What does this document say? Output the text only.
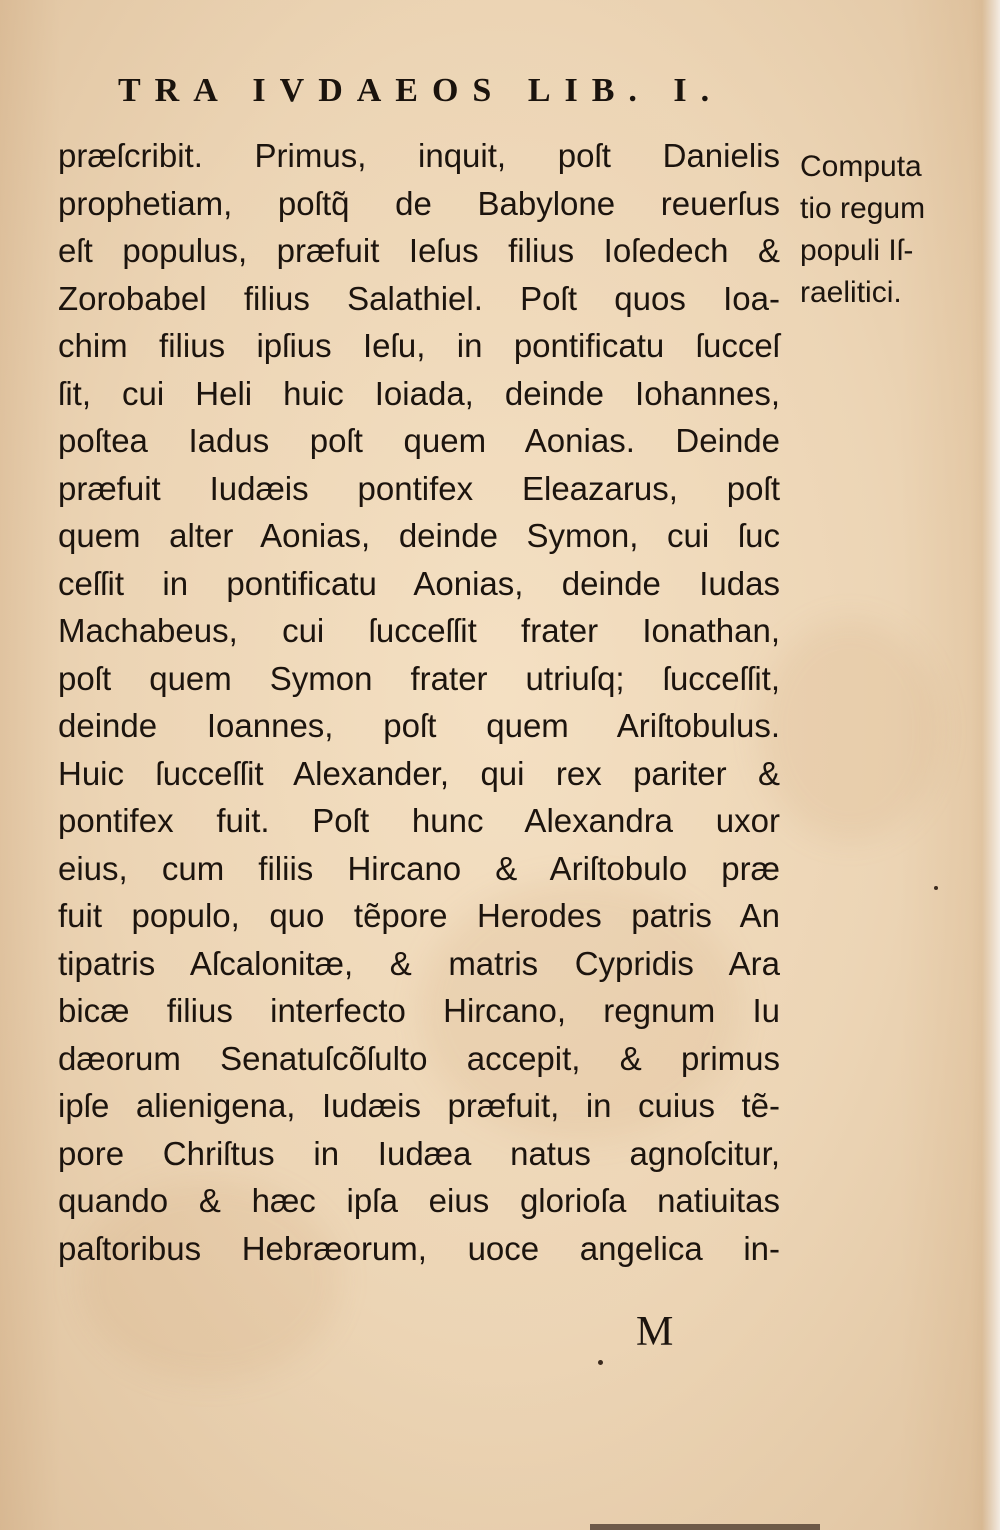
TRA IVDAEOS LIB. I.
præſcribit. Primus, inquit, poſt Danielis
prophetiam, poſtq̃ de Babylone reuerſus
eſt populus, præfuit Ieſus filius Ioſedech &
Zorobabel filius Salathiel. Poſt quos Ioa-
chim filius ipſius Ieſu, in pontificatu ſucceſ
ſit, cui Heli huic Ioiada, deinde Iohannes,
poſtea Iadus poſt quem Aonias. Deinde
præfuit Iudæis pontifex Eleazarus, poſt
quem alter Aonias, deinde Symon, cui ſuc
ceſſit in pontificatu Aonias, deinde Iudas
Machabeus, cui ſucceſſit frater Ionathan,
poſt quem Symon frater utriuſq; ſucceſſit,
deinde Ioannes, poſt quem Ariſtobulus.
Huic ſucceſſit Alexander, qui rex pariter &
pontifex fuit. Poſt hunc Alexandra uxor
eius, cum filiis Hircano & Ariſtobulo præ
fuit populo, quo tẽpore Herodes patris An
tipatris Aſcalonitæ, & matris Cypridis Ara
bicæ filius interfecto Hircano, regnum Iu
dæorum Senatuſcõſulto accepit, & primus
ipſe alienigena, Iudæis præfuit, in cuius tẽ-
pore Chriſtus in Iudæa natus agnoſcitur,
quando & hæc ipſa eius glorioſa natiuitas
paſtoribus Hebræorum, uoce angelica in-
Computa
tio regum
populi Iſ-
raelitici.
M
